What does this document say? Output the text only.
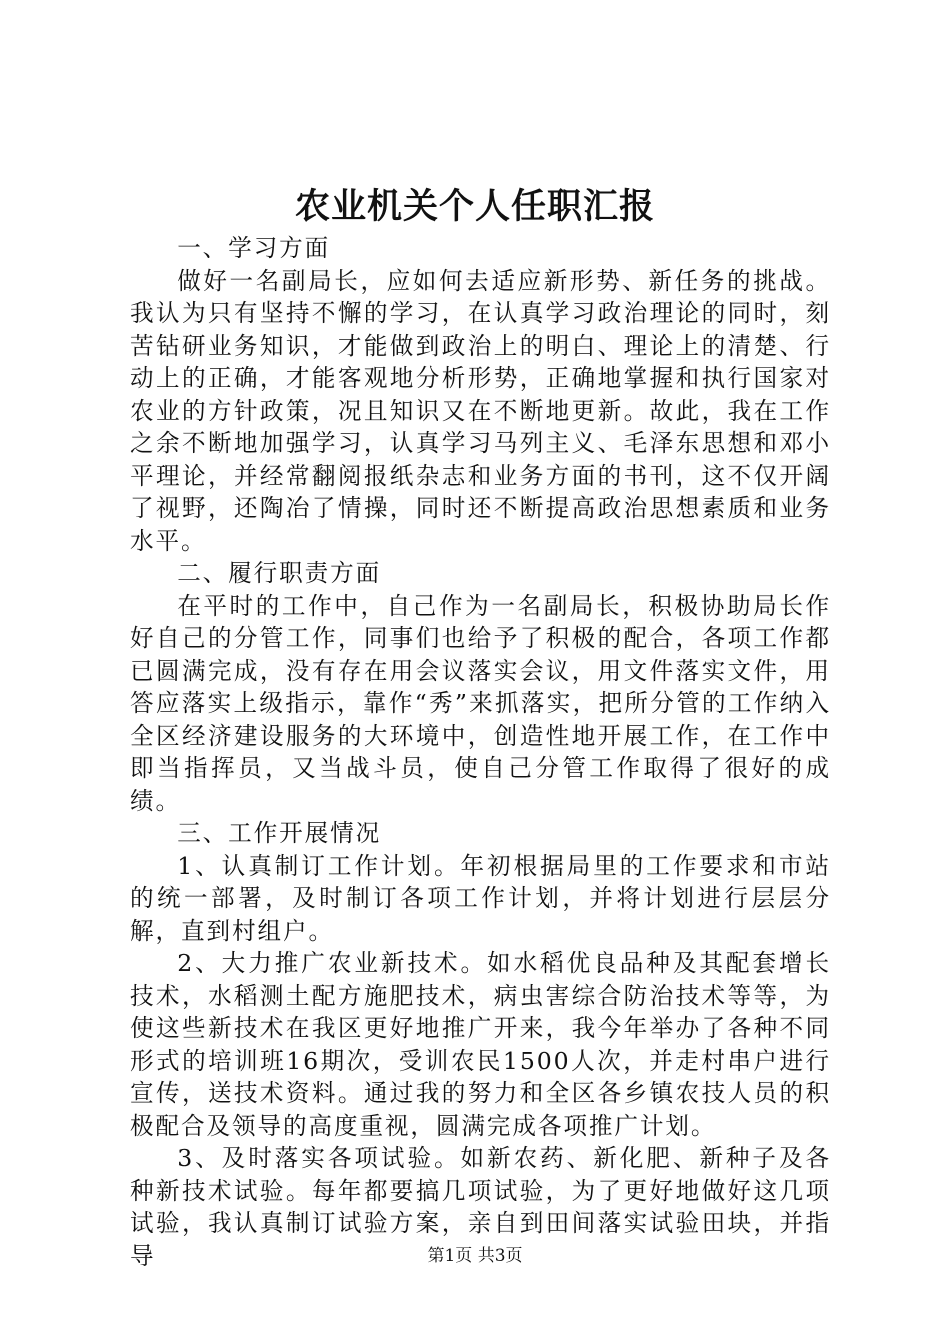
农业机关个人任职汇报

一、学习方面

做好一名副局长，应如何去适应新形势、新任务的挑战。我认为只有坚持不懈的学习，在认真学习政治理论的同时，刻苦钻研业务知识，才能做到政治上的明白、理论上的清楚、行动上的正确，才能客观地分析形势，正确地掌握和执行国家对农业的方针政策，况且知识又在不断地更新。故此，我在工作之余不断地加强学习，认真学习马列主义、毛泽东思想和邓小平理论，并经常翻阅报纸杂志和业务方面的书刊，这不仅开阔了视野，还陶冶了情操，同时还不断提高政治思想素质和业务水平。

二、履行职责方面

在平时的工作中，自己作为一名副局长，积极协助局长作好自己的分管工作，同事们也给予了积极的配合，各项工作都已圆满完成，没有存在用会议落实会议，用文件落实文件，用答应落实上级指示，靠作“秀”来抓落实，把所分管的工作纳入全区经济建设服务的大环境中，创造性地开展工作，在工作中即当指挥员，又当战斗员，使自己分管工作取得了很好的成绩。

三、工作开展情况

1、认真制订工作计划。年初根据局里的工作要求和市站的统一部署，及时制订各项工作计划，并将计划进行层层分解，直到村组户。

2、大力推广农业新技术。如水稻优良品种及其配套增长技术，水稻测土配方施肥技术，病虫害综合防治技术等等，为使这些新技术在我区更好地推广开来，我今年举办了各种不同形式的培训班16期次，受训农民1500人次，并走村串户进行宣传，送技术资料。通过我的努力和全区各乡镇农技人员的积极配合及领导的高度重视，圆满完成各项推广计划。

3、及时落实各项试验。如新农药、新化肥、新种子及各种新技术试验。每年都要搞几项试验，为了更好地做好这几项试验，我认真制订试验方案，亲自到田间落实试验田块，并指导	第1页 共3页
